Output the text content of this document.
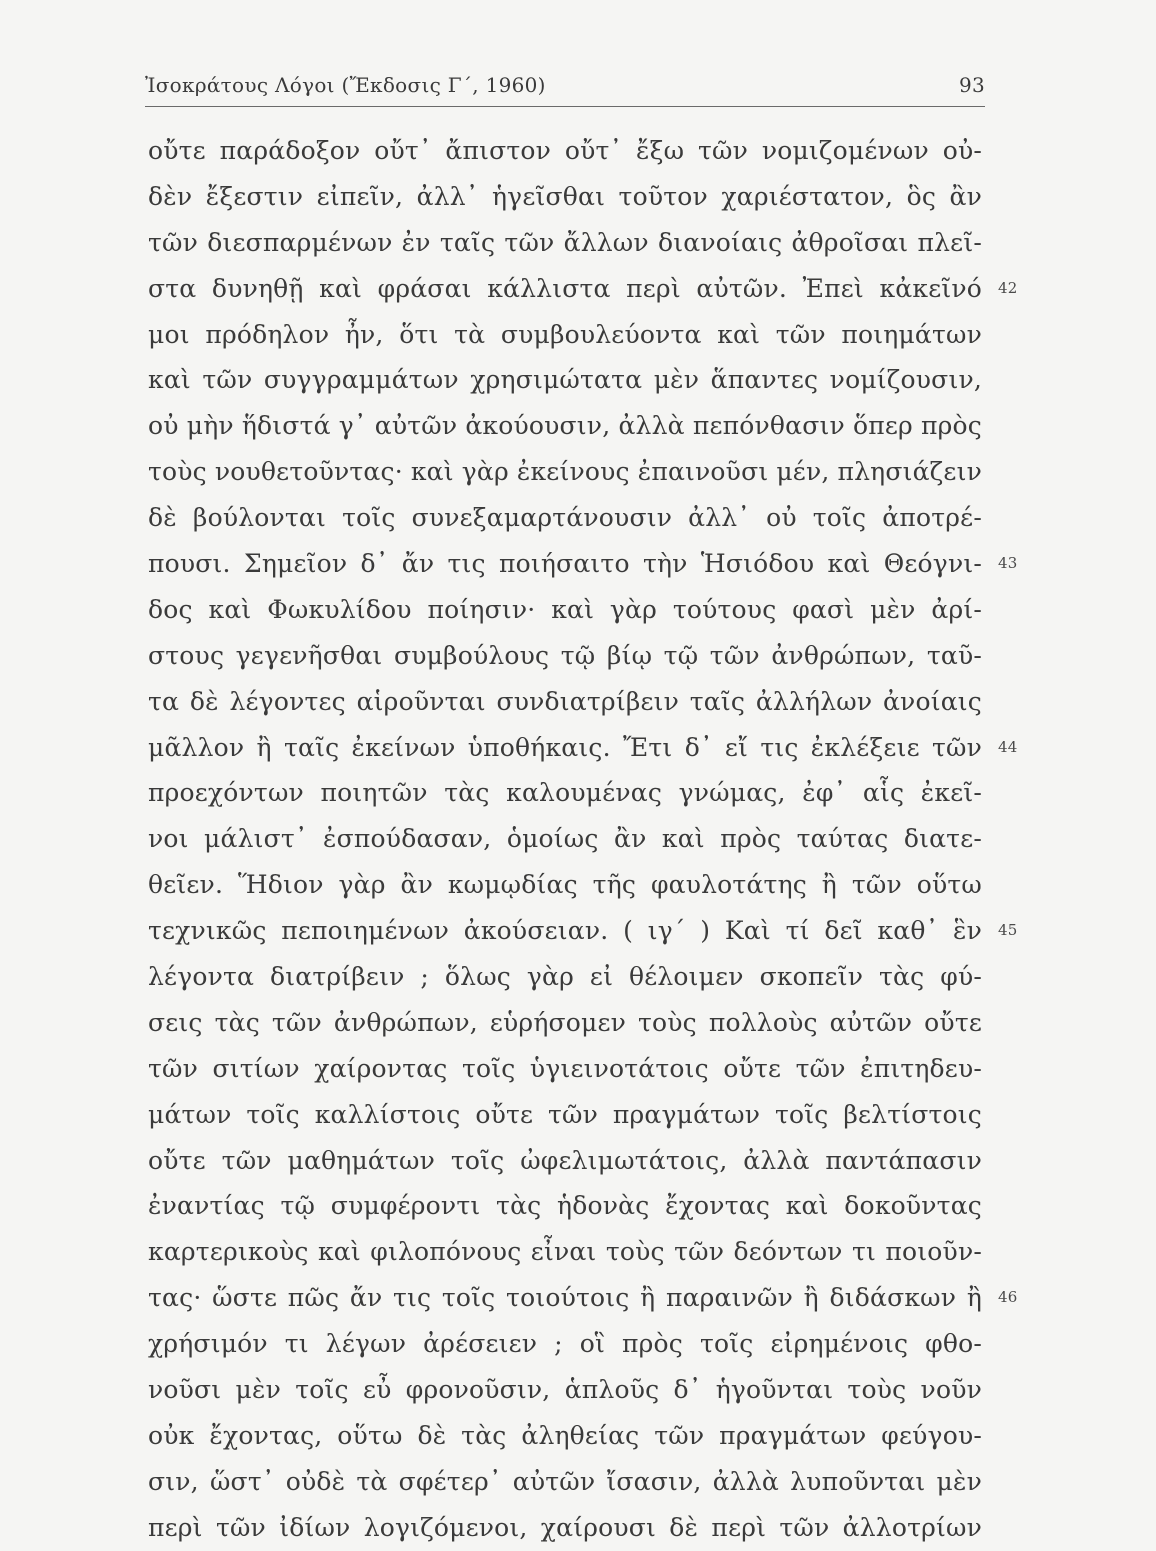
Ἰσοκράτους Λόγοι (Ἔκδοσις Γ΄, 1960)	93
οὔτε παράδοξον οὔτ᾽ ἄπιστον οὔτ᾽ ἔξω τῶν νομιζομένων οὐ-
δὲν ἔξεστιν εἰπεῖν, ἀλλ᾽ ἡγεῖσθαι τοῦτον χαριέστατον, ὃς ἂν
τῶν διεσπαρμένων ἐν ταῖς τῶν ἄλλων διανοίαις ἀθροῖσαι πλεῖ-
στα δυνηθῇ καὶ φράσαι κάλλιστα περὶ αὐτῶν. Ἐπεὶ κἀκεῖνό 42
μοι πρόδηλον ἦν, ὅτι τὰ συμβουλεύοντα καὶ τῶν ποιημάτων
καὶ τῶν συγγραμμάτων χρησιμώτατα μὲν ἅπαντες νομίζουσιν,
οὐ μὴν ἥδιστά γ᾽ αὐτῶν ἀκούουσιν, ἀλλὰ πεπόνθασιν ὅπερ πρὸς
τοὺς νουθετοῦντας· καὶ γὰρ ἐκείνους ἐπαινοῦσι μέν, πλησιάζειν
δὲ βούλονται τοῖς συνεξαμαρτάνουσιν ἀλλ᾽ οὐ τοῖς ἀποτρέ-
πουσι. Σημεῖον δ᾽ ἄν τις ποιήσαιτο τὴν Ἡσιόδου καὶ Θεόγνι- 43
δος καὶ Φωκυλίδου ποίησιν· καὶ γὰρ τούτους φασὶ μὲν ἀρί-
στους γεγενῆσθαι συμβούλους τῷ βίῳ τῷ τῶν ἀνθρώπων, ταῦ-
τα δὲ λέγοντες αἱροῦνται συνδιατρίβειν ταῖς ἀλλήλων ἀνοίαις
μᾶλλον ἢ ταῖς ἐκείνων ὑποθήκαις. Ἔτι δ᾽ εἴ τις ἐκλέξειε τῶν 44
προεχόντων ποιητῶν τὰς καλουμένας γνώμας, ἐφ᾽ αἷς ἐκεῖ-
νοι μάλιστ᾽ ἐσπούδασαν, ὁμοίως ἂν καὶ πρὸς ταύτας διατε-
θεῖεν. Ἥδιον γὰρ ἂν κωμῳδίας τῆς φαυλοτάτης ἢ τῶν οὕτω
τεχνικῶς πεποιημένων ἀκούσειαν. ( ιγ΄ ) Καὶ τί δεῖ καθ᾽ ἓν 45
λέγοντα διατρίβειν ; ὅλως γὰρ εἰ θέλοιμεν σκοπεῖν τὰς φύ-
σεις τὰς τῶν ἀνθρώπων, εὑρήσομεν τοὺς πολλοὺς αὐτῶν οὔτε
τῶν σιτίων χαίροντας τοῖς ὑγιεινοτάτοις οὔτε τῶν ἐπιτηδευ-
μάτων τοῖς καλλίστοις οὔτε τῶν πραγμάτων τοῖς βελτίστοις
οὔτε τῶν μαθημάτων τοῖς ὠφελιμωτάτοις, ἀλλὰ παντάπασιν
ἐναντίας τῷ συμφέροντι τὰς ἡδονὰς ἔχοντας καὶ δοκοῦντας
καρτερικοὺς καὶ φιλοπόνους εἶναι τοὺς τῶν δεόντων τι ποιοῦν-
τας· ὥστε πῶς ἄν τις τοῖς τοιούτοις ἢ παραινῶν ἢ διδάσκων ἢ 46
χρήσιμόν τι λέγων ἀρέσειεν ; οἳ πρὸς τοῖς εἰρημένοις φθο-
νοῦσι μὲν τοῖς εὖ φρονοῦσιν, ἁπλοῦς δ᾽ ἡγοῦνται τοὺς νοῦν
οὐκ ἔχοντας, οὕτω δὲ τὰς ἀληθείας τῶν πραγμάτων φεύγου-
σιν, ὥστ᾽ οὐδὲ τὰ σφέτερ᾽ αὐτῶν ἴσασιν, ἀλλὰ λυποῦνται μὲν
περὶ τῶν ἰδίων λογιζόμενοι, χαίρουσι δὲ περὶ τῶν ἀλλοτρίων
